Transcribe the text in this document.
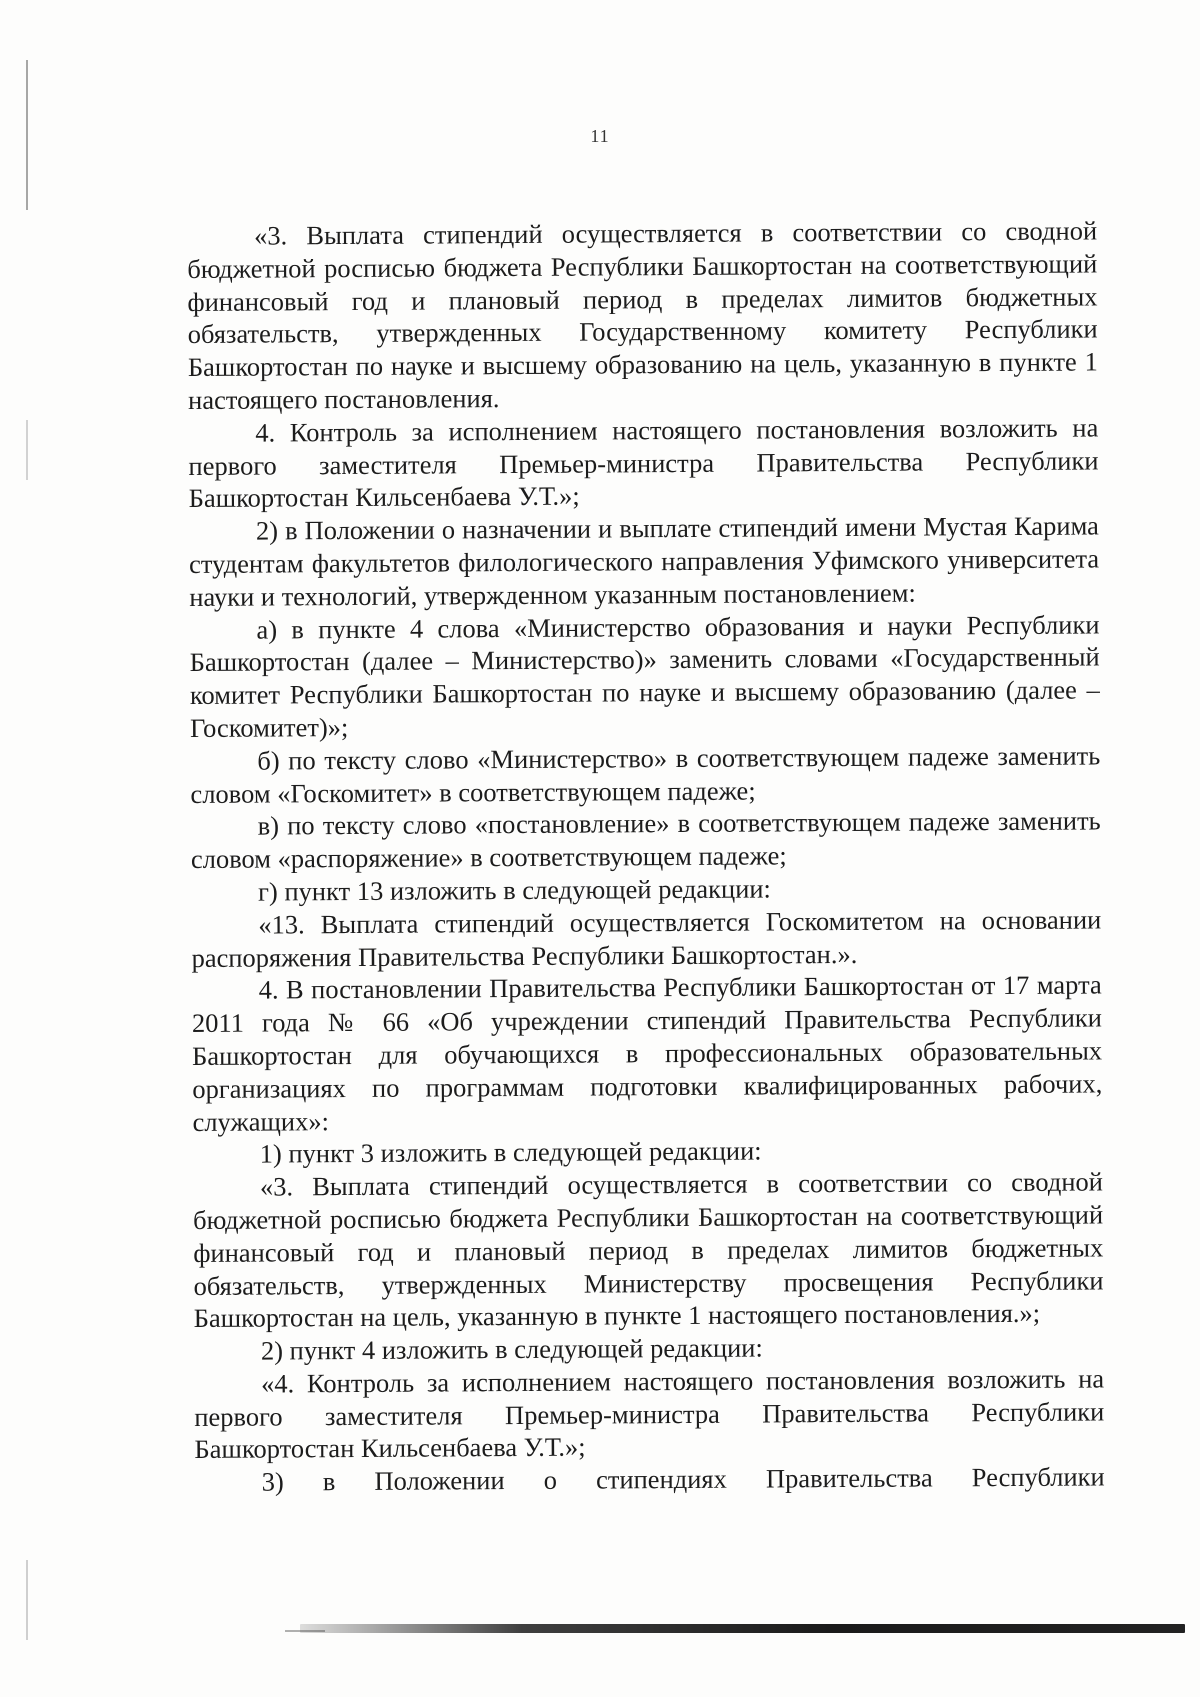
11

«3. Выплата стипендий осуществляется в соответствии со сводной бюджетной росписью бюджета Республики Башкортостан на соответствующий финансовый год и плановый период в пределах лимитов бюджетных обязательств, утвержденных Государственному комитету Республики Башкортостан по науке и высшему образованию на цель, указанную в пункте 1 настоящего постановления.

4. Контроль за исполнением настоящего постановления возложить на первого заместителя Премьер-министра Правительства Республики Башкортостан Кильсенбаева У.Т.»;

2) в Положении о назначении и выплате стипендий имени Мустая Карима студентам факультетов филологического направления Уфимского университета науки и технологий, утвержденном указанным постановлением:

а) в пункте 4 слова «Министерство образования и науки Республики Башкортостан (далее – Министерство)» заменить словами «Государственный комитет Республики Башкортостан по науке и высшему образованию (далее – Госкомитет)»;

б) по тексту слово «Министерство» в соответствующем падеже заменить словом «Госкомитет» в соответствующем падеже;

в) по тексту слово «постановление» в соответствующем падеже заменить словом «распоряжение» в соответствующем падеже;

г) пункт 13 изложить в следующей редакции:

«13. Выплата стипендий осуществляется Госкомитетом на основании распоряжения Правительства Республики Башкортостан.».

4. В постановлении Правительства Республики Башкортостан от 17 марта 2011 года № 66 «Об учреждении стипендий Правительства Республики Башкортостан для обучающихся в профессиональных образовательных организациях по программам подготовки квалифицированных рабочих, служащих»:

1) пункт 3 изложить в следующей редакции:

«3. Выплата стипендий осуществляется в соответствии со сводной бюджетной росписью бюджета Республики Башкортостан на соответствующий финансовый год и плановый период в пределах лимитов бюджетных обязательств, утвержденных Министерству просвещения Республики Башкортостан на цель, указанную в пункте 1 настоящего постановления.»;

2) пункт 4 изложить в следующей редакции:

«4. Контроль за исполнением настоящего постановления возложить на первого заместителя Премьер-министра Правительства Республики Башкортостан Кильсенбаева У.Т.»;

3) в Положении о стипендиях Правительства Республики
